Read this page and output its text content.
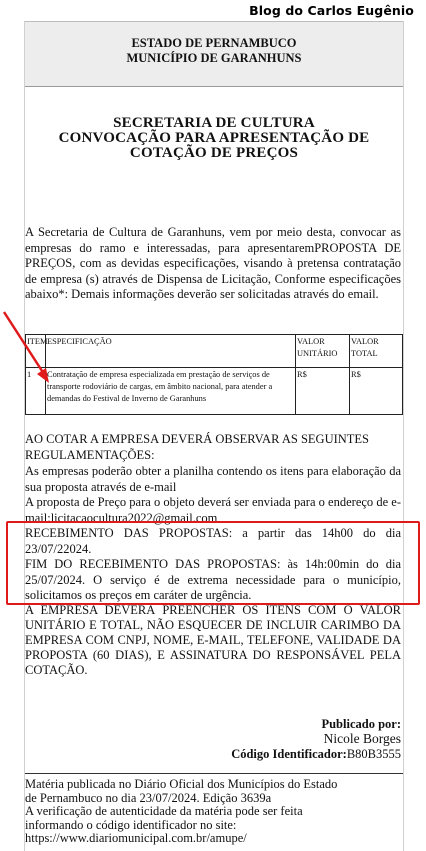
Blog do Carlos Eugênio
ESTADO DE PERNAMBUCO
MUNICÍPIO DE GARANHUNS
SECRETARIA DE CULTURA
CONVOCAÇÃO PARA APRESENTAÇÃO DE
COTAÇÃO DE PREÇOS
A Secretaria de Cultura de Garanhuns, vem por meio desta, convocar as empresas do ramo e interessadas, para apresentaremPROPOSTA DE PREÇOS, com as devidas especificações, visando à pretensa contratação de empresa (s) através de Dispensa de Licitação, Conforme especificações abaixo*: Demais informações deverão ser solicitadas através do email.
ITEM	ESPECIFICAÇÃO	VALOR UNITÁRIO	VALOR TOTAL
1	Contratação de empresa especializada em prestação de serviços de transporte rodoviário de cargas, em âmbito nacional, para atender a demandas do Festival de Inverno de Garanhuns	R$	R$
AO COTAR A EMPRESA DEVERÁ OBSERVAR AS SEGUINTES
REGULAMENTAÇÕES:
As empresas poderão obter a planilha contendo os itens para elaboração da sua proposta através de e-mail
A proposta de Preço para o objeto deverá ser enviada para o endereço de e-mail:licitacaocultura2022@gmail.com
RECEBIMENTO DAS PROPOSTAS: a partir das 14h00 do dia 23/07/22024.
FIM DO RECEBIMENTO DAS PROPOSTAS: às 14h:00min do dia 25/07/2024. O serviço é de extrema necessidade para o município, solicitamos os preços em caráter de urgência.
A EMPRESA DEVERÁ PREENCHER OS ITENS COM O VALOR UNITÁRIO E TOTAL, NÃO ESQUECER DE INCLUIR CARIMBO DA EMPRESA COM CNPJ, NOME, E-MAIL, TELEFONE, VALIDADE DA PROPOSTA (60 DIAS), E ASSINATURA DO RESPONSÁVEL PELA COTAÇÃO.
Publicado por:
Nicole Borges
Código Identificador:B80B3555
Matéria publicada no Diário Oficial dos Municípios do Estado
de Pernambuco no dia 23/07/2024. Edição 3639a
A verificação de autenticidade da matéria pode ser feita
informando o código identificador no site:
https://www.diariomunicipal.com.br/amupe/
